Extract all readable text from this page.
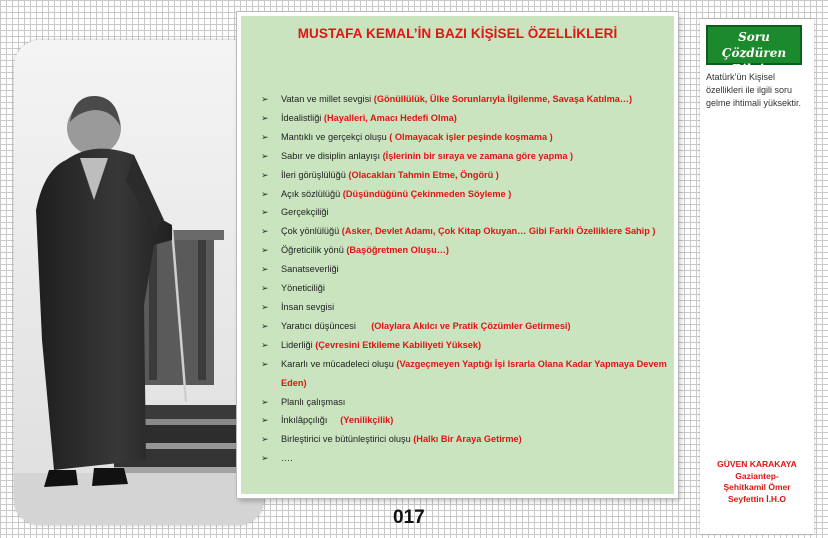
MUSTAFA KEMAL’İN BAZI KİŞİSEL ÖZELLİKLERİ
➢ Vatan ve millet sevgisi (Gönüllülük, Ülke Sorunlarıyla İlgilenme, Savaşa Katılma…)
➢ İdealistliği (Hayalleri, Amacı Hedefi Olma)
➢ Mantıklı ve gerçekçi oluşu ( Olmayacak işler peşinde koşmama )
➢ Sabır ve disiplin anlayışı (İşlerinin bir sıraya ve zamana göre yapma )
➢ İleri görüşlülüğü (Olacakları Tahmin Etme, Öngörü )
➢ Açık sözlülüğü (Düşündüğünü Çekinmeden Söyleme )
➢ Gerçekçiliği
➢ Çok yönlülüğü (Asker, Devlet Adamı, Çok Kitap Okuyan… Gibi Farklı Özelliklere Sahip )
➢ Öğreticilik yönü (Başöğretmen Oluşu…)
➢ Sanatseverliği
➢ Yöneticiliği
➢ İnsan sevgisi
➢ Yaratıcı düşüncesi      (Olaylara Akılcı ve Pratik Çözümler Getirmesi)
➢ Liderliği (Çevresini Etkileme Kabiliyeti Yüksek)
➢ Kararlı ve mücadeleci oluşu (Vazgeçmeyen Yaptığı İşi Israrla Olana Kadar Yapmaya Devem Eden)
➢ Planlı çalışması
➢ İnkılâpçılığı     (Yenilikçilik)
➢ Birleştirici ve bütünleştirici oluşu (Halkı Bir Araya Getirme)
➢ ….
017
Soru Çözdüren
Bilgim
Atatürk’ün Kişisel özellikleri ile ilgili soru gelme ihtimali yüksektir.
GÜVEN KARAKAYA
Gaziantep-
Şehitkamil Ömer
Seyfettin İ.H.O
